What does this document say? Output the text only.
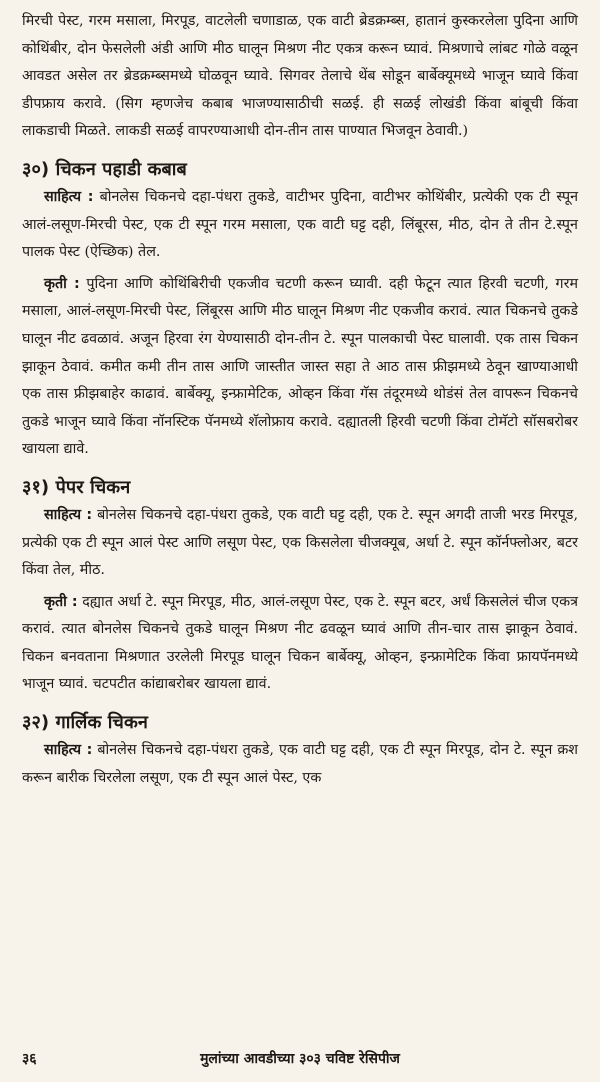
मिरची पेस्ट, गरम मसाला, मिरपूड, वाटलेली चणाडाळ, एक वाटी ब्रेडक्रम्ब्स, हातानं कुस्करलेला पुदिना आणि कोथिंबीर, दोन फेसलेली अंडी आणि मीठ घालून मिश्रण नीट एकत्र करून घ्यावं. मिश्रणाचे लांबट गोळे वळून आवडत असेल तर ब्रेडक्रम्ब्समध्ये घोळवून घ्यावे. सिगवर तेलाचे थेंब सोडून बार्बेक्यूमध्ये भाजून घ्यावे किंवा डीपफ्राय करावे. (सिग म्हणजेच कबाब भाजण्यासाठीची सळई. ही सळई लोखंडी किंवा बांबूची किंवा लाकडाची मिळते. लाकडी सळई वापरण्याआधी दोन-तीन तास पाण्यात भिजवून ठेवावी.)

३०) चिकन पहाडी कबाब

साहित्य : बोनलेस चिकनचे दहा-पंधरा तुकडे, वाटीभर पुदिना, वाटीभर कोथिंबीर, प्रत्येकी एक टी स्पून आलं-लसूण-मिरची पेस्ट, एक टी स्पून गरम मसाला, एक वाटी घट्ट दही, लिंबूरस, मीठ, दोन ते तीन टे.स्पून पालक पेस्ट (ऐच्छिक) तेल.

कृती : पुदिना आणि कोथिंबिरीची एकजीव चटणी करून घ्यावी. दही फेटून त्यात हिरवी चटणी, गरम मसाला, आलं-लसूण-मिरची पेस्ट, लिंबूरस आणि मीठ घालून मिश्रण नीट एकजीव करावं. त्यात चिकनचे तुकडे घालून नीट ढवळावं. अजून हिरवा रंग येण्यासाठी दोन-तीन टे. स्पून पालकाची पेस्ट घालावी. एक तास चिकन झाकून ठेवावं. कमीत कमी तीन तास आणि जास्तीत जास्त सहा ते आठ तास फ्रीझमध्ये ठेवून खाण्याआधी एक तास फ्रीझबाहेर काढावं. बार्बेक्यू, इन्फ्रामेटिक, ओव्हन किंवा गॅस तंदूरमध्ये थोडंसं तेल वापरून चिकनचे तुकडे भाजून घ्यावे किंवा नॉनस्टिक पॅनमध्ये शॅलोफ्राय करावे. दह्यातली हिरवी चटणी किंवा टोमॅटो सॉसबरोबर खायला द्यावे.

३१) पेपर चिकन

साहित्य : बोनलेस चिकनचे दहा-पंधरा तुकडे, एक वाटी घट्ट दही, एक टे. स्पून अगदी ताजी भरड मिरपूड, प्रत्येकी एक टी स्पून आलं पेस्ट आणि लसूण पेस्ट, एक किसलेला चीजक्यूब, अर्धा टे. स्पून कॉर्नफ्लोअर, बटर किंवा तेल, मीठ.

कृती : दह्यात अर्धा टे. स्पून मिरपूड, मीठ, आलं-लसूण पेस्ट, एक टे. स्पून बटर, अर्धं किसलेलं चीज एकत्र करावं. त्यात बोनलेस चिकनचे तुकडे घालून मिश्रण नीट ढवळून घ्यावं आणि तीन-चार तास झाकून ठेवावं. चिकन बनवताना मिश्रणात उरलेली मिरपूड घालून चिकन बार्बेक्यू, ओव्हन, इन्फ्रामेटिक किंवा फ्रायपॅनमध्ये भाजून घ्यावं. चटपटीत कांद्याबरोबर खायला द्यावं.

३२) गार्लिक चिकन

साहित्य : बोनलेस चिकनचे दहा-पंधरा तुकडे, एक वाटी घट्ट दही, एक टी स्पून मिरपूड, दोन टे. स्पून क्रश करून बारीक चिरलेला लसूण, एक टी स्पून आलं पेस्ट, एक

३६	मुलांच्या आवडीच्या ३०३ चविष्ट रेसिपीज
